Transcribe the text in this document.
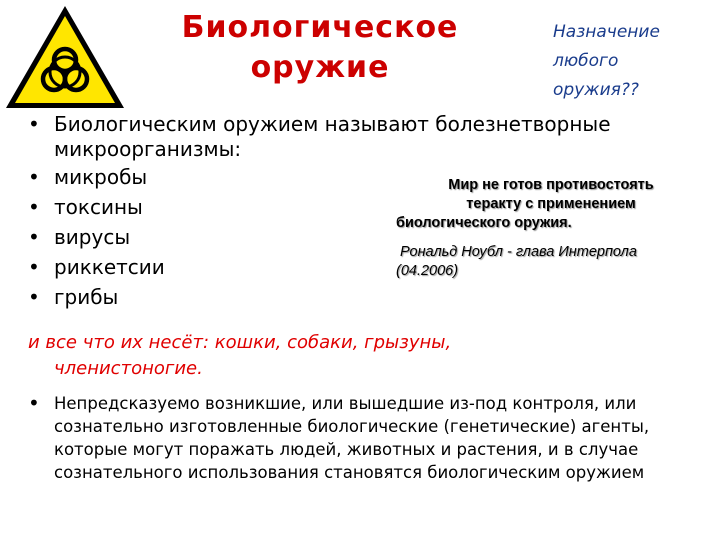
Биологическое
оружие
Назначение
любого
оружия??
• Биологическим оружием называют болезнетворные микроорганизмы:
• микробы
• токсины
• вирусы
• риккетсии
• грибы
и все что их несёт: кошки, собаки, грызуны,
членистоногие.
• Непредсказуемо возникшие, или вышедшие из-под контроля, или сознательно изготовленные биологические (генетические) агенты, которые могут поражать людей, животных и растения, и в случае сознательного использования становятся биологическим оружием
Мир не готов противостоять
теракту с применением
биологического оружия.
Рональд Ноубл - глава Интерпола
(04.2006)
